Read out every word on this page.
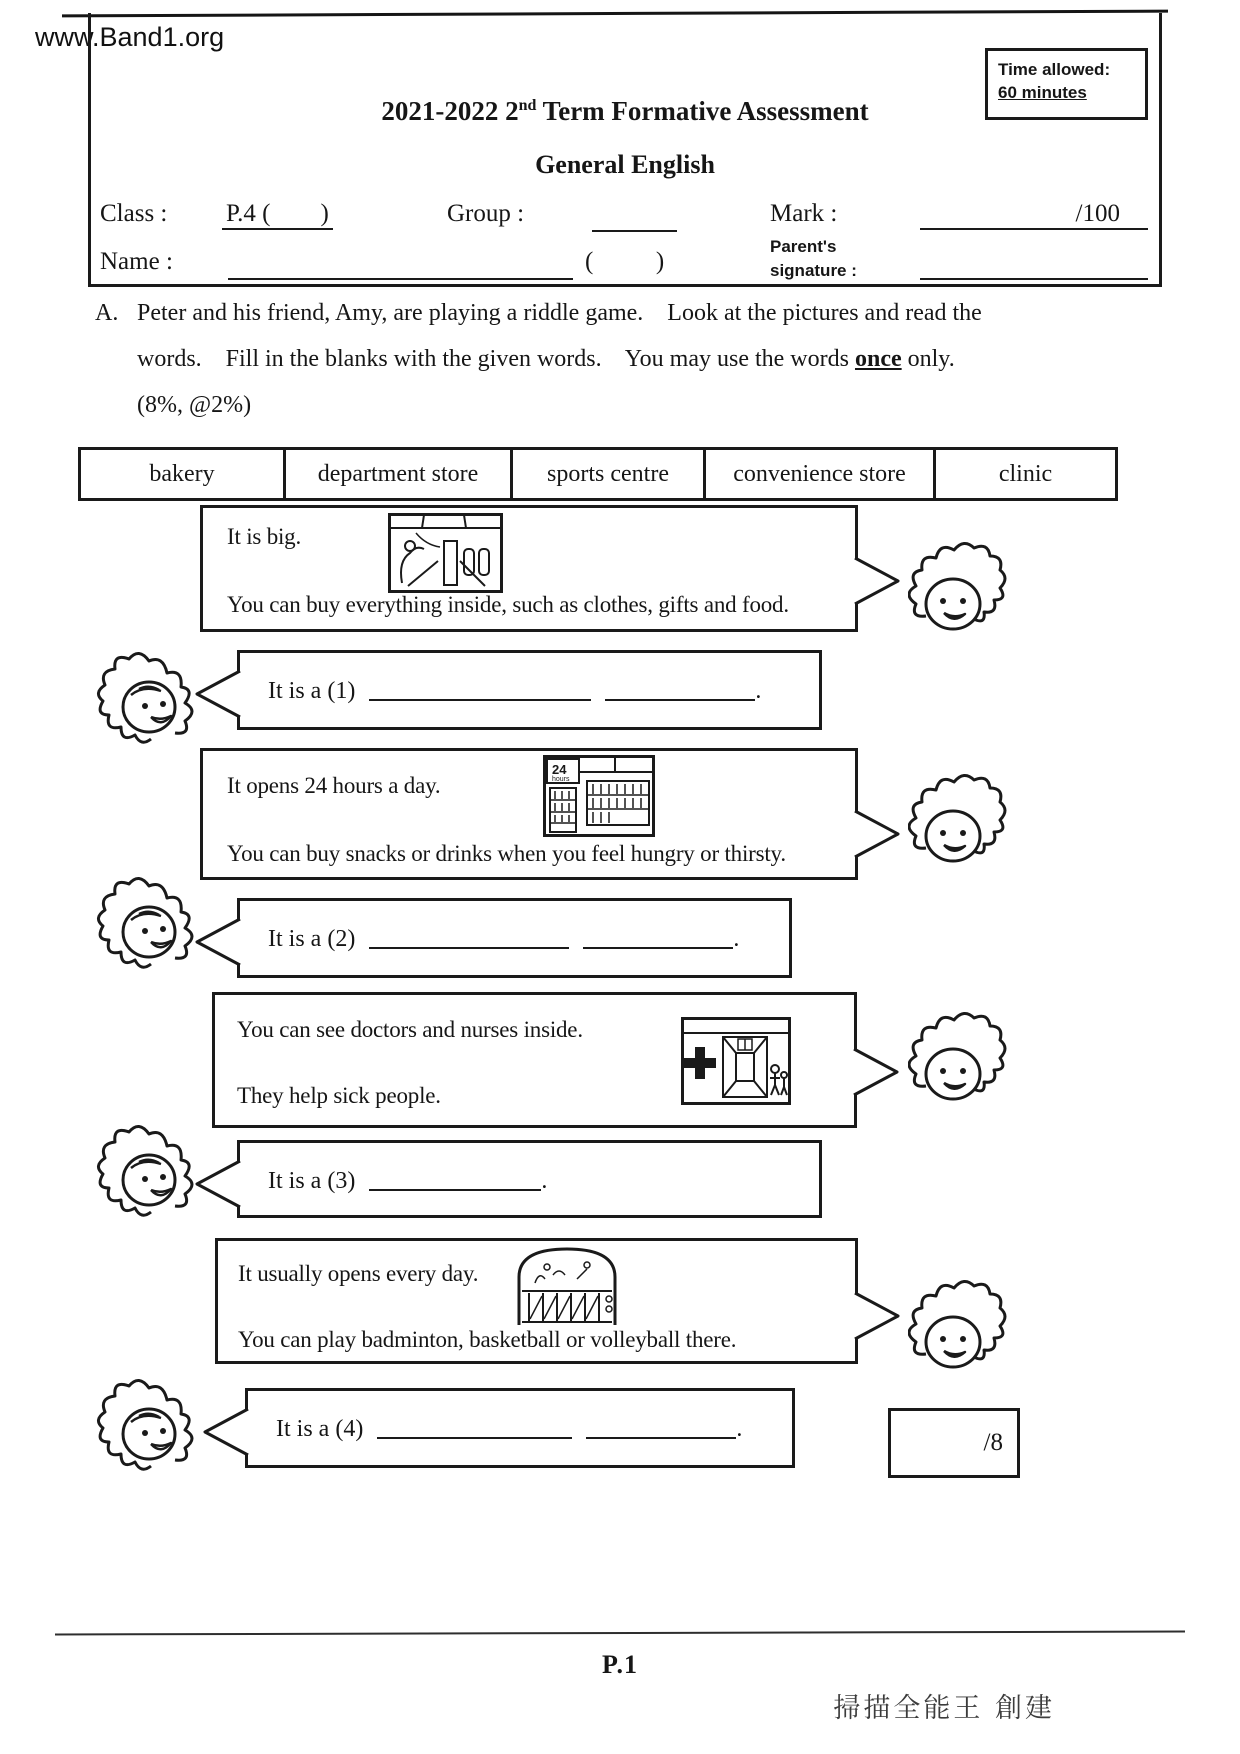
www.Band1.org
Time allowed:
60 minutes
2021-2022 2nd Term Formative Assessment
General English
Class : P.4 (        )	Group :	Mark :	/100
Name :	(          )
Parent's
signature :
A. Peter and his friend, Amy, are playing a riddle game.    Look at the pictures and read the
words.    Fill in the blanks with the given words.    You may use the words once only.
(8%, @2%)
bakery	department store	sports centre	convenience store	clinic
It is big.
You can buy everything inside, such as clothes, gifts and food.
It is a (1)	.
It opens 24 hours a day.
24
hours
You can buy snacks or drinks when you feel hungry or thirsty.
It is a (2)	.
You can see doctors and nurses inside.
They help sick people.
It is a (3)	.
It usually opens every day.
You can play badminton, basketball or volleyball there.
It is a (4)	.	/8
P.1
掃描全能王 創建
